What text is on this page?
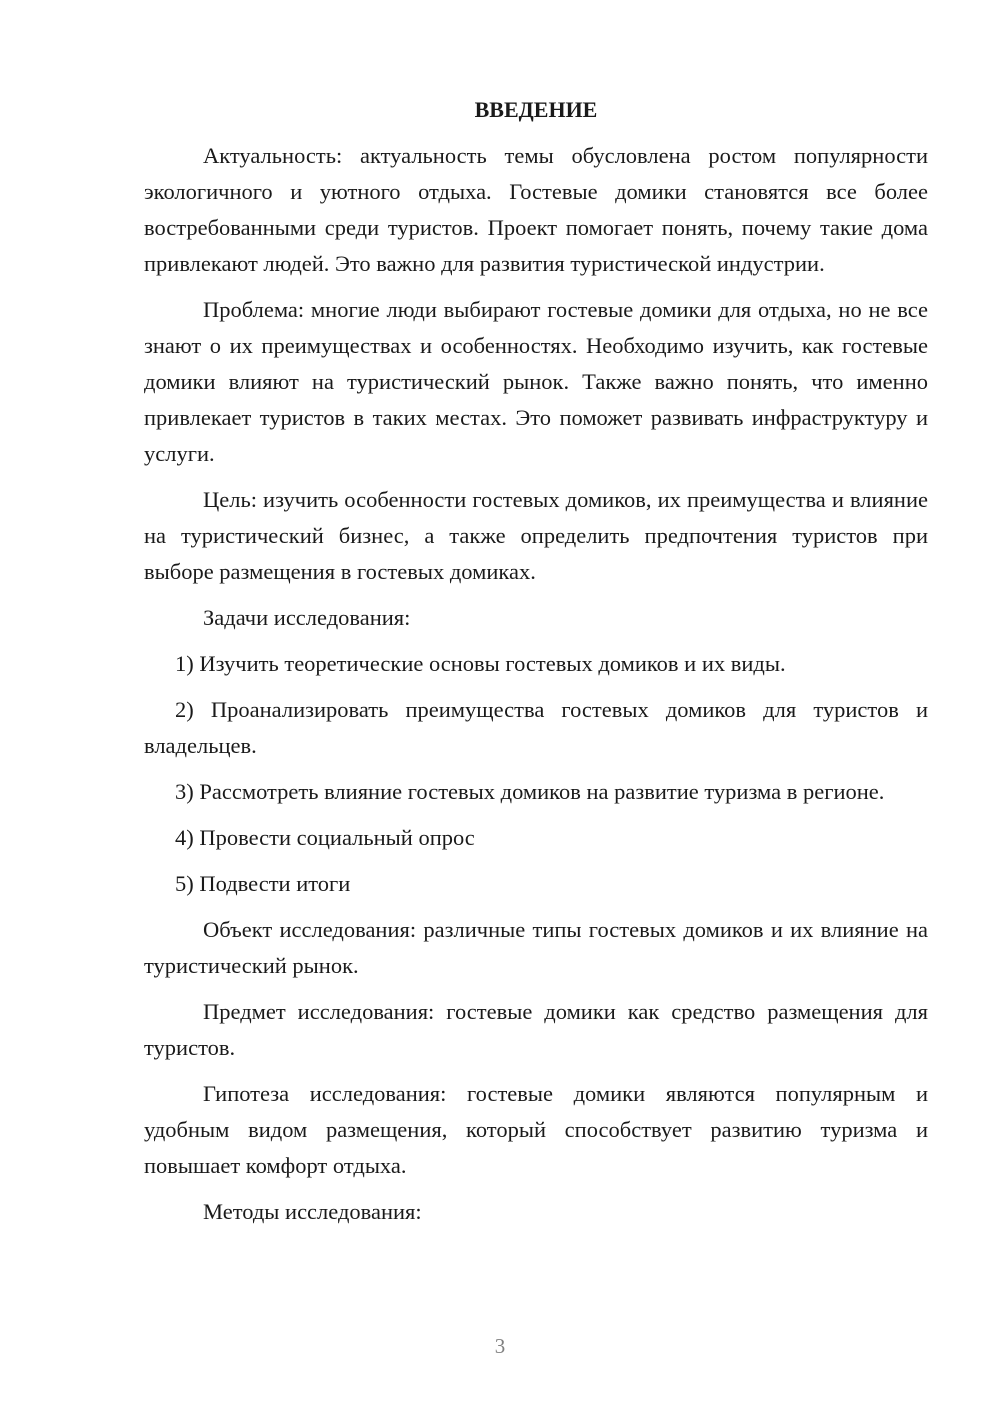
ВВЕДЕНИЕ

Актуальность: актуальность темы обусловлена ростом популярности экологичного и уютного отдыха. Гостевые домики становятся все более востребованными среди туристов. Проект помогает понять, почему такие дома привлекают людей. Это важно для развития туристической индустрии.

Проблема: многие люди выбирают гостевые домики для отдыха, но не все знают о их преимуществах и особенностях. Необходимо изучить, как гостевые домики влияют на туристический рынок. Также важно понять, что именно привлекает туристов в таких местах. Это поможет развивать инфраструктуру и услуги.

Цель: изучить особенности гостевых домиков, их преимущества и влияние на туристический бизнес, а также определить предпочтения туристов при выборе размещения в гостевых домиках.

Задачи исследования:

1) Изучить теоретические основы гостевых домиков и их виды.

2) Проанализировать преимущества гостевых домиков для туристов и владельцев.

3) Рассмотреть влияние гостевых домиков на развитие туризма в регионе.

4) Провести социальный опрос

5) Подвести итоги

Объект исследования: различные типы гостевых домиков и их влияние на туристический рынок.

Предмет исследования: гостевые домики как средство размещения для туристов.

Гипотеза исследования: гостевые домики являются популярным и удобным видом размещения, который способствует развитию туризма и повышает комфорт отдыха.

Методы исследования:

3
